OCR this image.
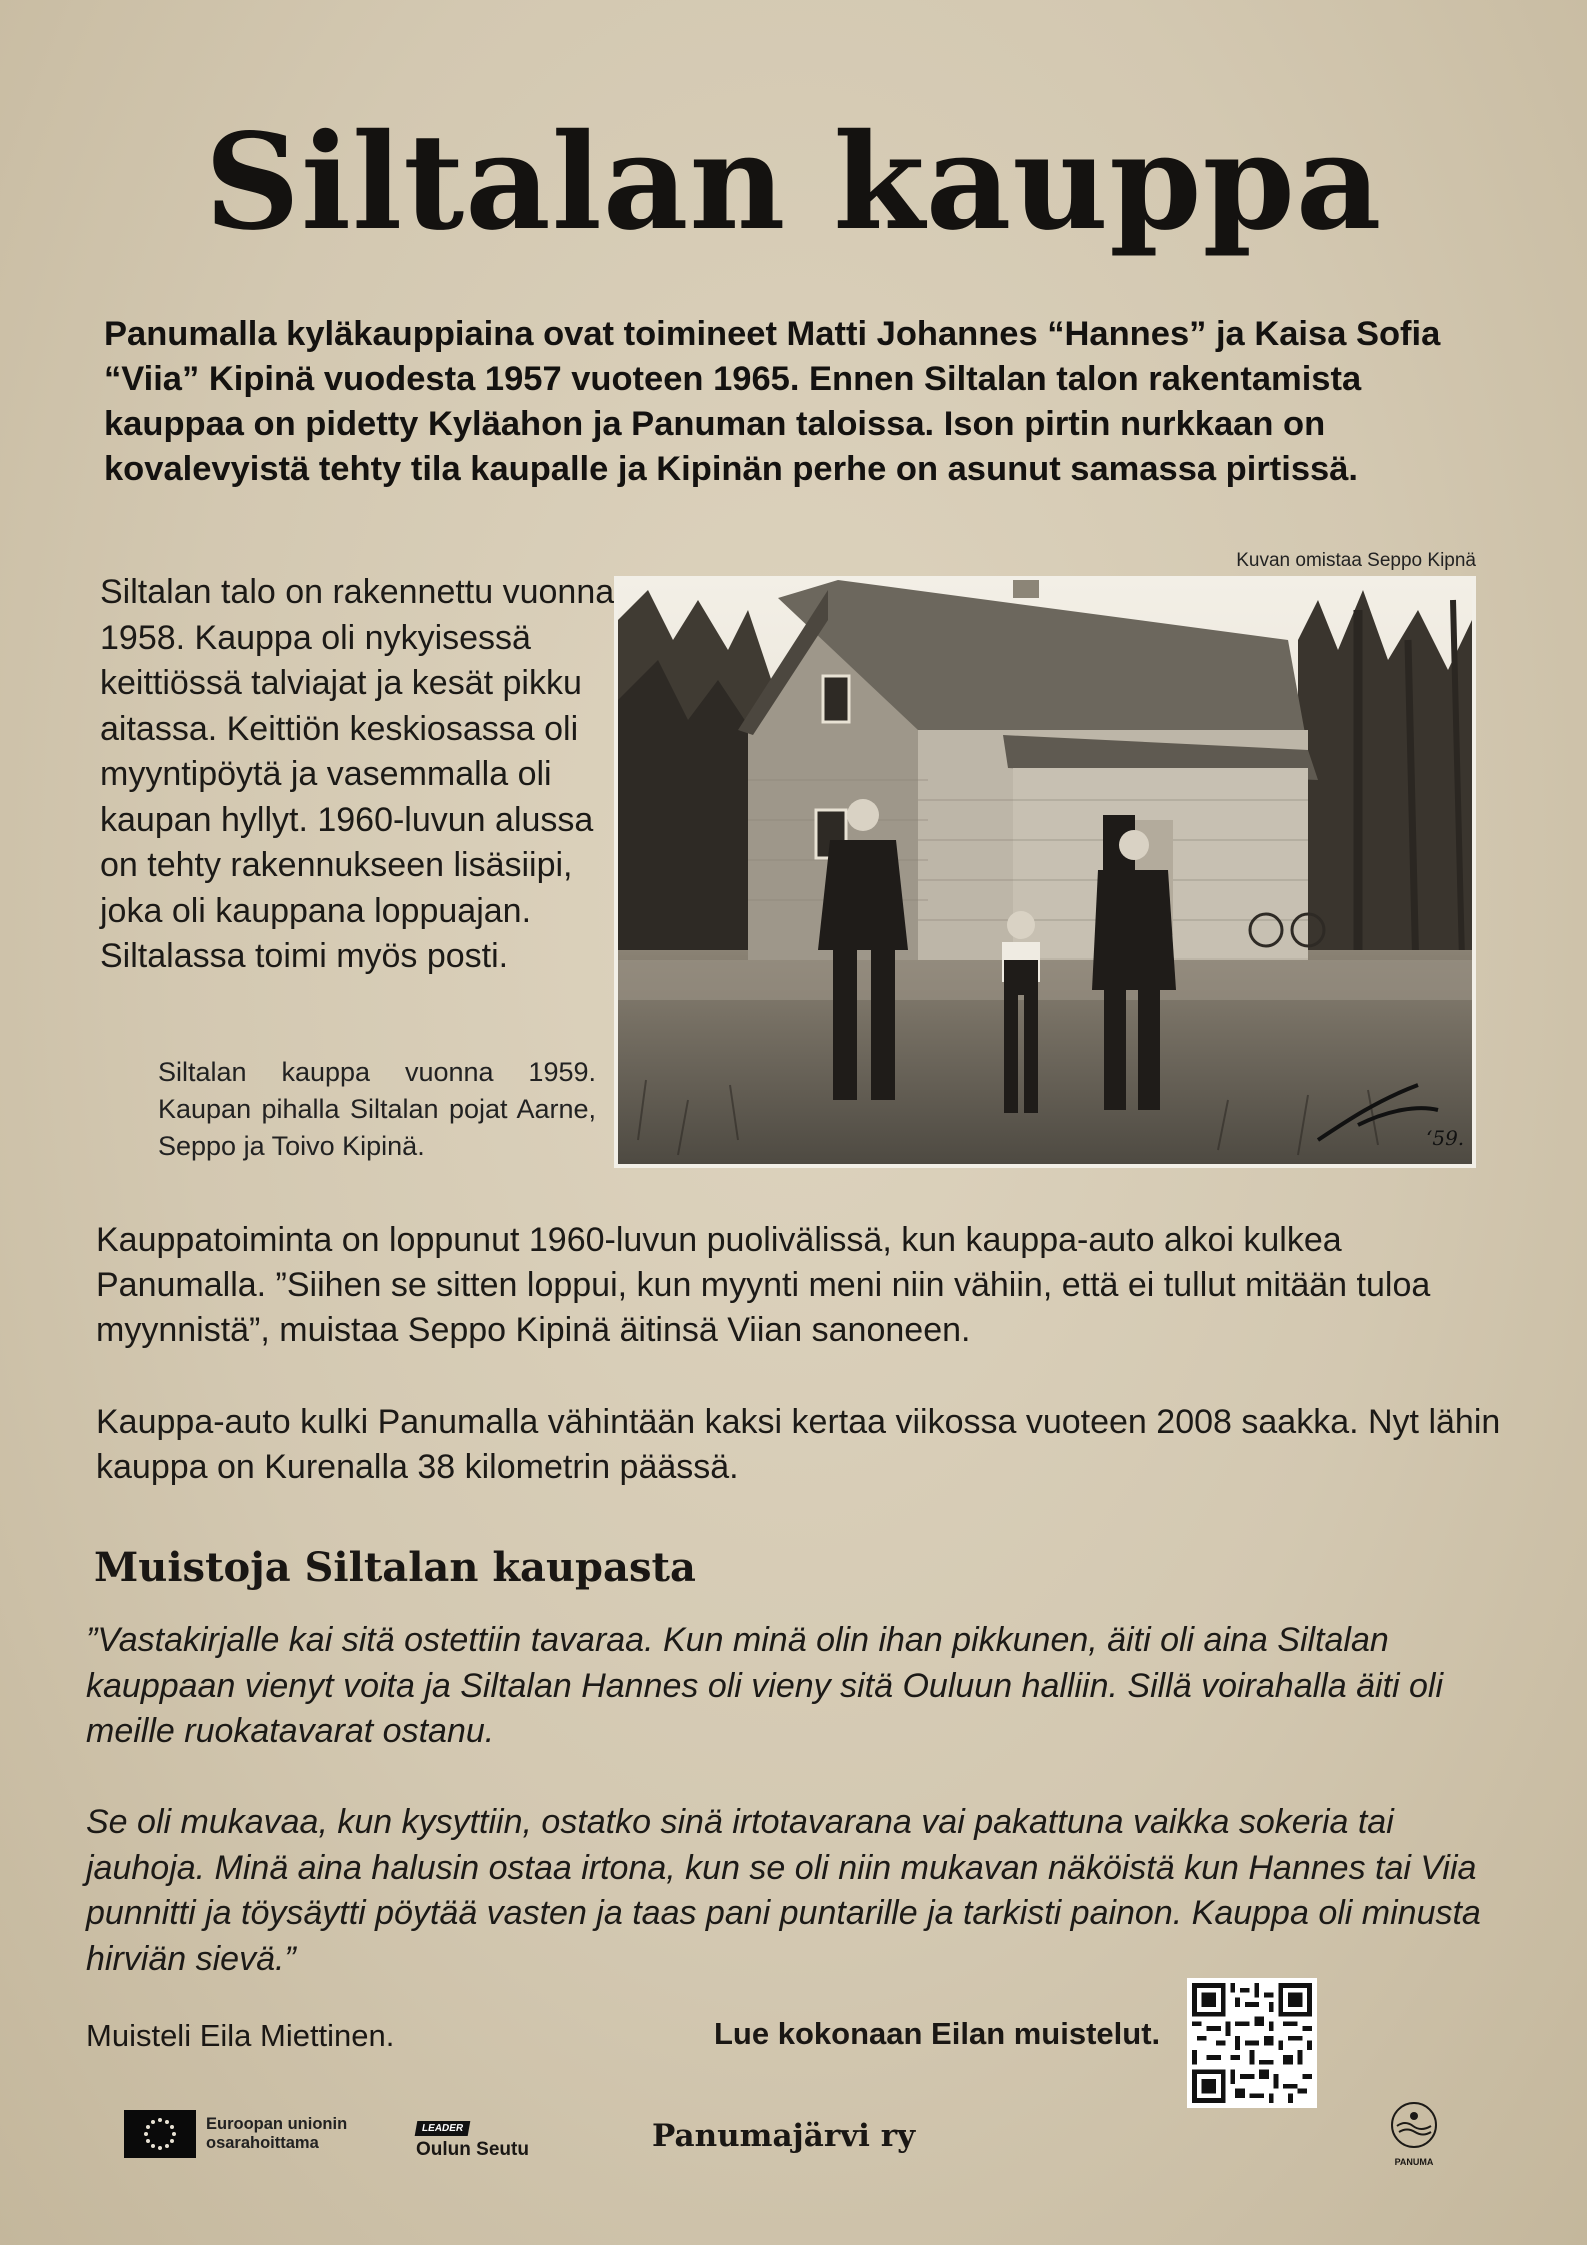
Siltalan kauppa
Panumalla kyläkauppiaina ovat toimineet Matti Johannes “Hannes” ja Kaisa Sofia “Viia” Kipinä vuodesta 1957 vuoteen 1965. Ennen Siltalan talon rakentamista kauppaa on pidetty Kyläahon ja Panuman taloissa. Ison pirtin nurkkaan on kovalevyistä tehty tila kaupalle ja Kipinän perhe on asunut samassa pirtissä.
Kuvan omistaa Seppo Kipnä
Siltalan talo on rakennettu vuonna 1958. Kauppa oli nykyisessä keittiössä talviajat ja kesät pikku aitassa. Keittiön keskiosassa oli myyntipöytä ja vasemmalla oli kaupan hyllyt. 1960-luvun alussa on tehty rakennukseen lisäsiipi, joka oli kauppana loppuajan. Siltalassa toimi myös posti.
Siltalan kauppa vuonna 1959. Kaupan pihalla Siltalan pojat Aarne, Seppo ja Toivo Kipinä.	‘59.
Kauppatoiminta on loppunut 1960-luvun puolivälissä, kun kauppa-auto alkoi kulkea Panumalla. ”Siihen se sitten loppui, kun myynti meni niin vähiin, että ei tullut mitään tuloa myynnistä”, muistaa Seppo Kipinä äitinsä Viian sanoneen.
Kauppa-auto kulki Panumalla vähintään kaksi kertaa viikossa vuoteen 2008 saakka. Nyt lähin kauppa on Kurenalla 38 kilometrin päässä.
Muistoja Siltalan kaupasta
”Vastakirjalle kai sitä ostettiin tavaraa. Kun minä olin ihan pikkunen, äiti oli aina Siltalan kauppaan vienyt voita ja Siltalan Hannes oli vieny sitä Ouluun halliin. Sillä voirahalla äiti oli meille ruokatavarat ostanu.
Se oli mukavaa, kun kysyttiin, ostatko sinä irtotavarana vai pakattuna vaikka sokeria tai jauhoja. Minä aina halusin ostaa irtona, kun se oli niin mukavan näköistä kun Hannes tai Viia punnitti ja töysäytti pöytää vasten ja taas pani puntarille ja tarkisti painon. Kauppa oli minusta hirviän sievä.”
Muisteli Eila Miettinen.	Lue kokonaan Eilan muistelut.
Euroopan unionin
osarahoittama
LEADER
Oulun Seutu	Panumajärvi ry
PANUMA
